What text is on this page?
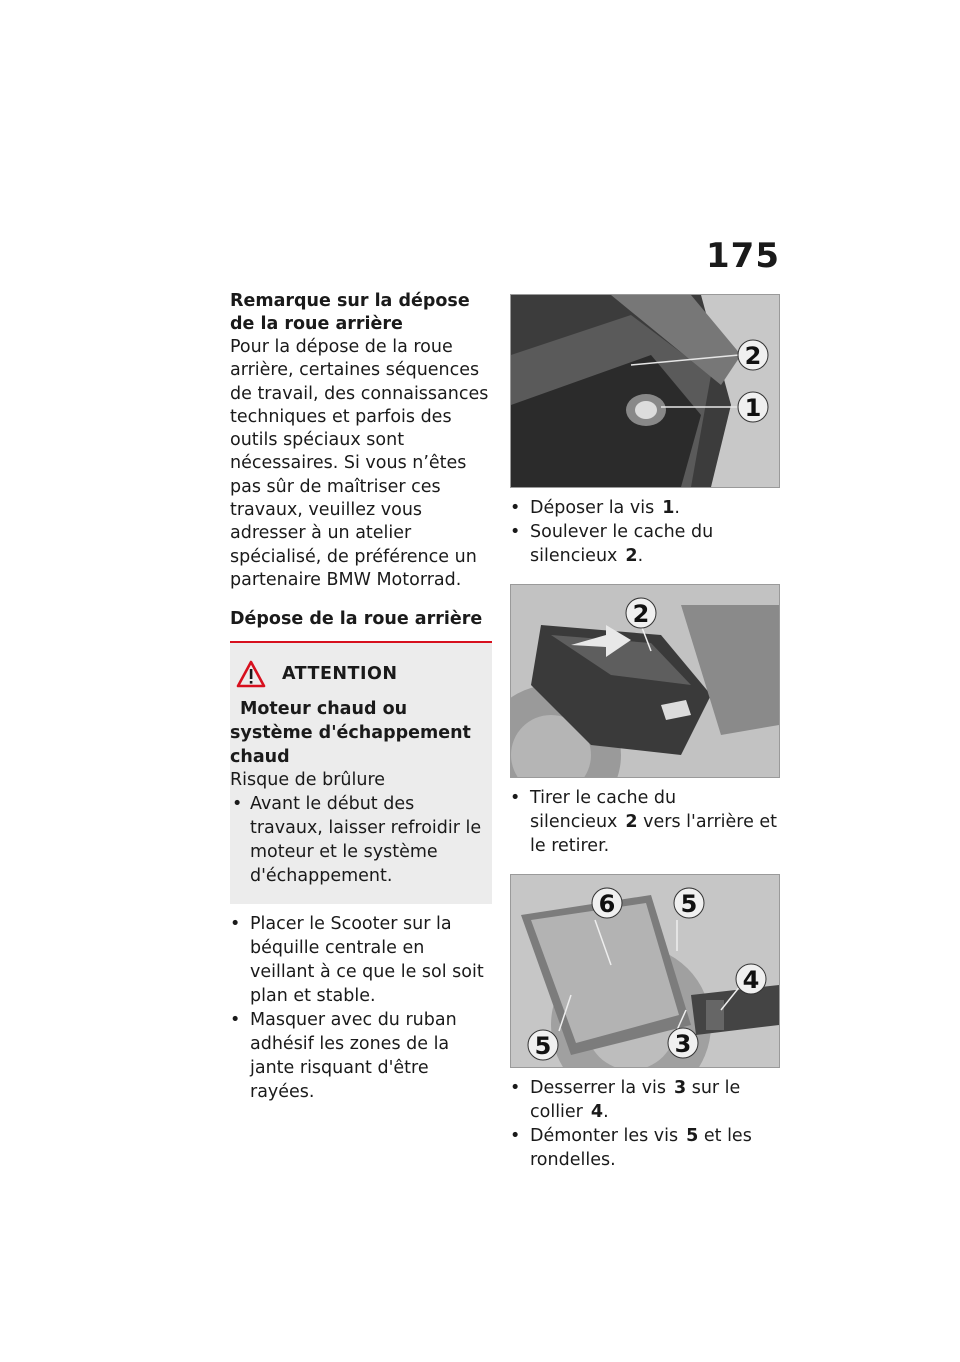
175

Remarque sur la dépose de la roue arrière

Pour la dépose de la roue arrière, certaines séquences de travail, des connaissances techniques et parfois des outils spéciaux sont nécessaires. Si vous n’êtes pas sûr de maîtriser ces travaux, veuillez vous adresser à un atelier spécialisé, de préférence un partenaire BMW Motorrad.

Dépose de la roue arrière

ATTENTION

Moteur chaud ou système d'échappement chaud

Risque de brûlure

• Avant le début des travaux, laisser refroidir le moteur et le système d'échappement.
• Placer le Scooter sur la béquille centrale en veillant à ce que le sol soit plan et stable.
• Masquer avec du ruban adhésif les zones de la jante risquant d'être rayées.
2
1
• Déposer la vis 1.
• Soulever le cache du silencieux 2.
2
• Tirer le cache du silencieux 2 vers l'arrière et le retirer.
6	5
4
5	3
• Desserrer la vis 3 sur le collier 4.
• Démonter les vis 5 et les rondelles.
